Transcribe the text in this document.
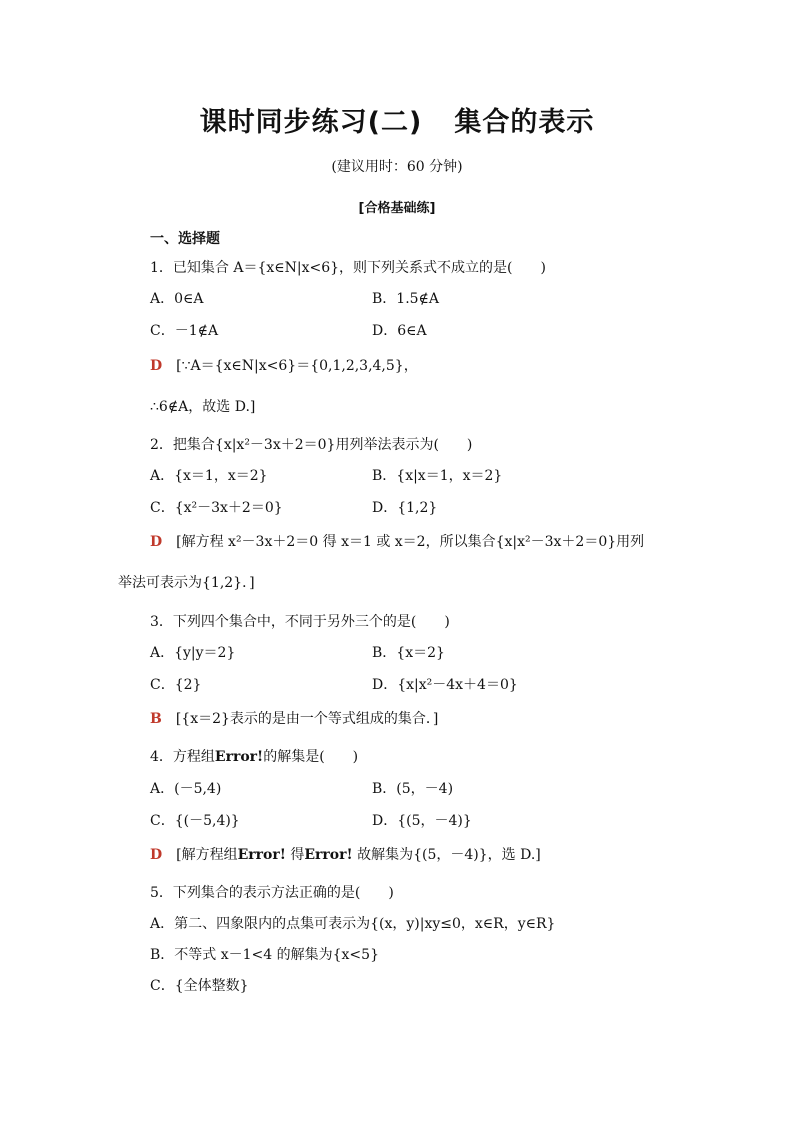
课时同步练习(二) 集合的表示
(建议用时：60 分钟)
[合格基础练]
一、选择题
1．已知集合 A＝{x∈N|x<6}，则下列关系式不成立的是(　　)
A．0∈A	B．1.5∉A
C．－1∉A	D．6∈A
D [∵A＝{x∈N|x<6}＝{0,1,2,3,4,5}，
∴6∉A，故选 D.]
2．把集合{x|x²－3x＋2＝0}用列举法表示为(　　)
A．{x＝1，x＝2}	B．{x|x＝1，x＝2}
C．{x²－3x＋2＝0}	D．{1,2}
D [解方程 x²－3x＋2＝0 得 x＝1 或 x＝2，所以集合{x|x²－3x＋2＝0}用列
举法可表示为{1,2}．]
3．下列四个集合中，不同于另外三个的是(　　)
A．{y|y＝2}	B．{x＝2}
C．{2}	D．{x|x²－4x＋4＝0}
B [{x＝2}表示的是由一个等式组成的集合．]
4．方程组Error!的解集是(　　)
A．(－5,4)	B．(5，－4)
C．{(－5,4)}	D．{(5，－4)}
D [解方程组Error! 得Error! 故解集为{(5，－4)}，选 D.]
5．下列集合的表示方法正确的是(　　)
A．第二、四象限内的点集可表示为{(x，y)|xy≤0，x∈R，y∈R}
B．不等式 x－1<4 的解集为{x<5}
C．{全体整数}
